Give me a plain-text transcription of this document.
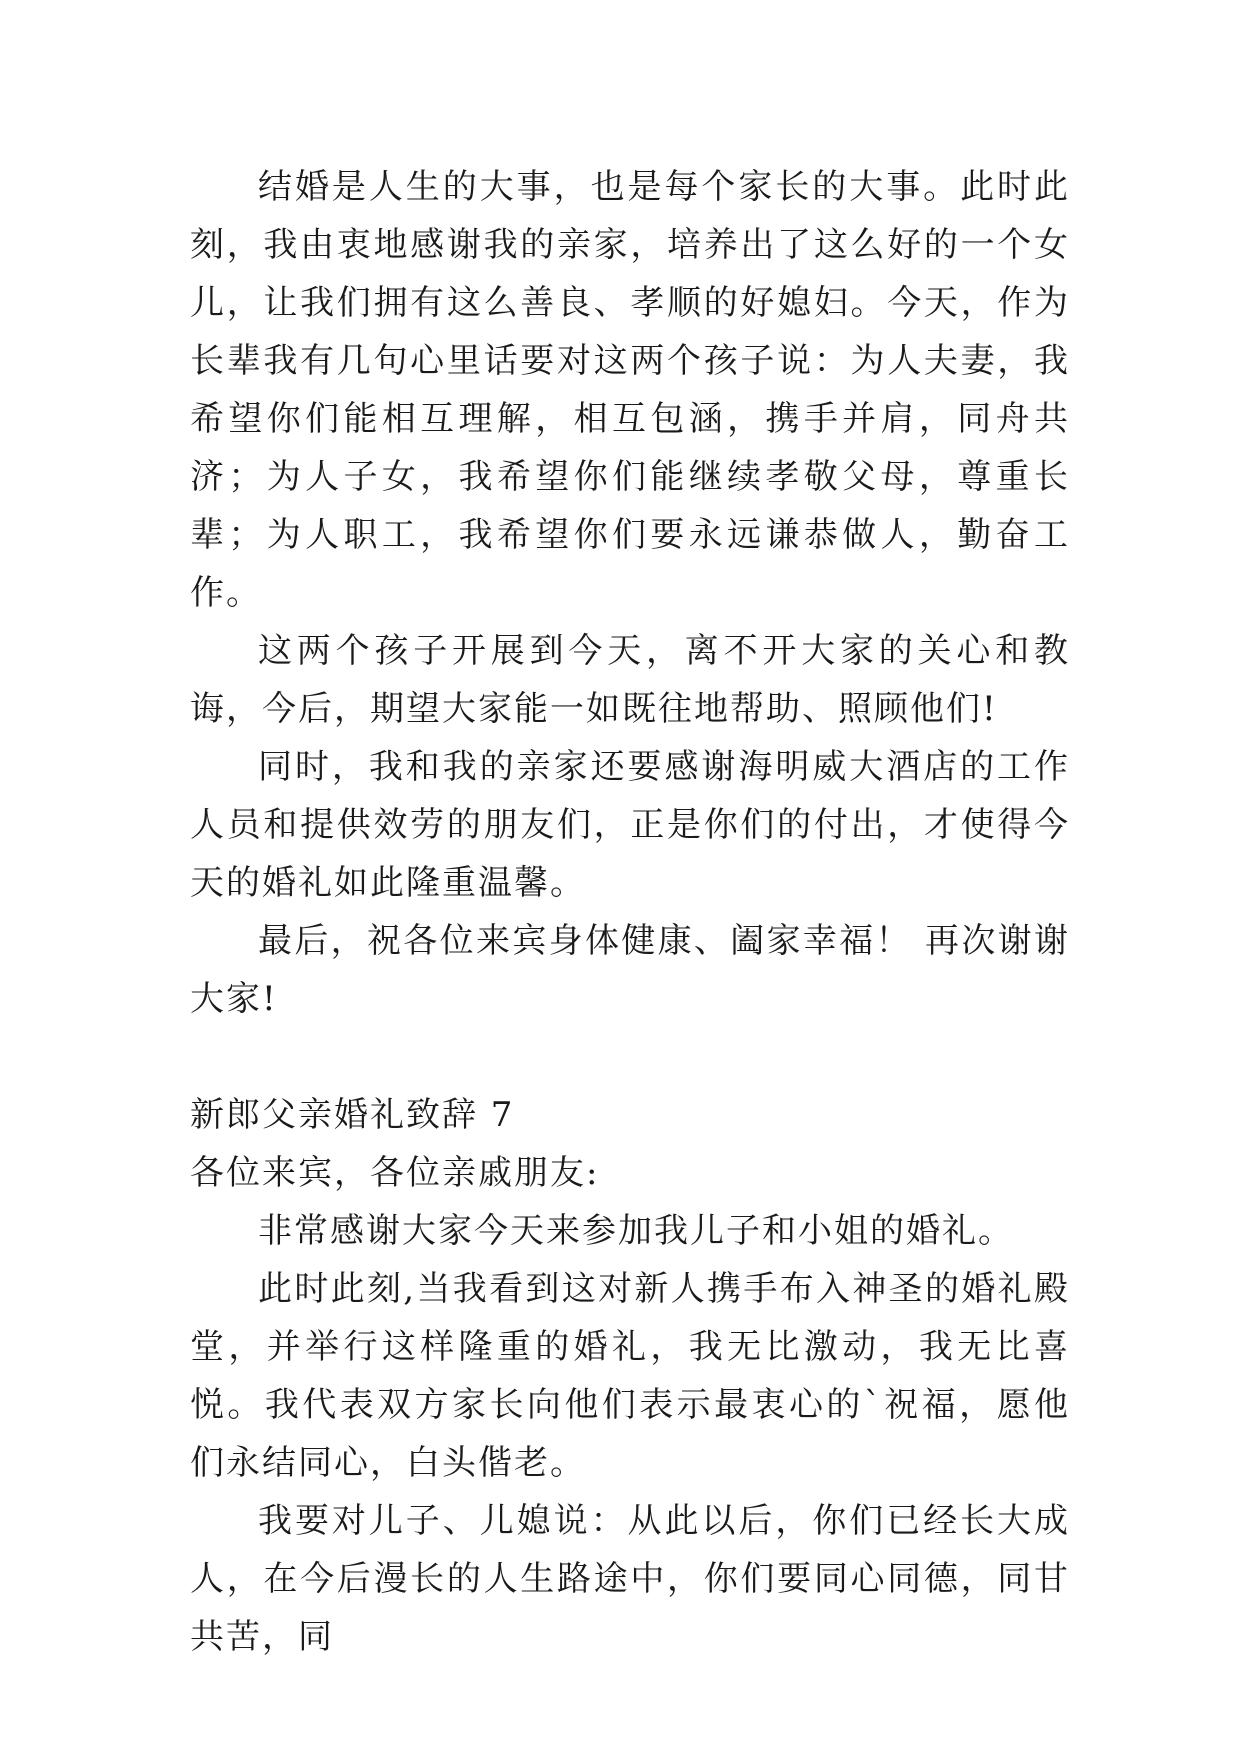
结婚是人生的大事，也是每个家长的大事。此时此刻，我由衷地感谢我的亲家，培养出了这么好的一个女儿，让我们拥有这么善良、孝顺的好媳妇。今天，作为长辈我有几句心里话要对这两个孩子说：为人夫妻，我希望你们能相互理解，相互包涵，携手并肩，同舟共济；为人子女，我希望你们能继续孝敬父母，尊重长辈；为人职工，我希望你们要永远谦恭做人，勤奋工作。

这两个孩子开展到今天，离不开大家的关心和教诲，今后，期望大家能一如既往地帮助、照顾他们!

同时，我和我的亲家还要感谢海明威大酒店的工作人员和提供效劳的朋友们，正是你们的付出，才使得今天的婚礼如此隆重温馨。

最后，祝各位来宾身体健康、阖家幸福！ 再次谢谢大家!

新郎父亲婚礼致辞 7

各位来宾，各位亲戚朋友:

非常感谢大家今天来参加我儿子和小姐的婚礼。

此时此刻,当我看到这对新人携手布入神圣的婚礼殿堂，并举行这样隆重的婚礼，我无比激动，我无比喜悦。我代表双方家长向他们表示最衷心的`祝福，愿他们永结同心，白头偕老。

我要对儿子、儿媳说：从此以后，你们已经长大成人，在今后漫长的人生路途中，你们要同心同德，同甘共苦，同
